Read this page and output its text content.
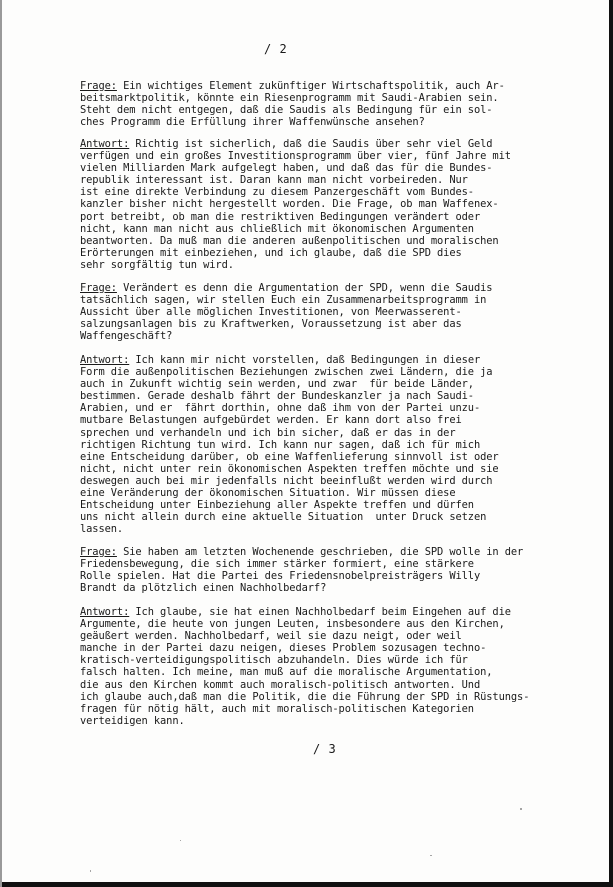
/ 2
Frage: Ein wichtiges Element zukünftiger Wirtschaftspolitik, auch Ar-
beitsmarktpolitik, könnte ein Riesenprogramm mit Saudi-Arabien sein.
Steht dem nicht entgegen, daß die Saudis als Bedingung für ein sol-
ches Programm die Erfüllung ihrer Waffenwünsche ansehen?
Antwort: Richtig ist sicherlich, daß die Saudis über sehr viel Geld
verfügen und ein großes Investitionsprogramm über vier, fünf Jahre mit
vielen Milliarden Mark aufgelegt haben, und daß das für die Bundes-
republik interessant ist. Daran kann man nicht vorbeireden. Nur
ist eine direkte Verbindung zu diesem Panzergeschäft vom Bundes-
kanzler bisher nicht hergestellt worden. Die Frage, ob man Waffenex-
port betreibt, ob man die restriktiven Bedingungen verändert oder
nicht, kann man nicht aus chließlich mit ökonomischen Argumenten
beantworten. Da muß man die anderen außenpolitischen und moralischen
Erörterungen mit einbeziehen, und ich glaube, daß die SPD dies
sehr sorgfältig tun wird.
Frage: Verändert es denn die Argumentation der SPD, wenn die Saudis
tatsächlich sagen, wir stellen Euch ein Zusammenarbeitsprogramm in
Aussicht über alle möglichen Investitionen, von Meerwasserent-
salzungsanlagen bis zu Kraftwerken, Voraussetzung ist aber das
Waffengeschäft?
Antwort: Ich kann mir nicht vorstellen, daß Bedingungen in dieser
Form die außenpolitischen Beziehungen zwischen zwei Ländern, die ja
auch in Zukunft wichtig sein werden, und zwar  für beide Länder,
bestimmen. Gerade deshalb fährt der Bundeskanzler ja nach Saudi-
Arabien, und er  fährt dorthin, ohne daß ihm von der Partei unzu-
mutbare Belastungen aufgebürdet werden. Er kann dort also frei
sprechen und verhandeln und ich bin sicher, daß er das in der
richtigen Richtung tun wird. Ich kann nur sagen, daß ich für mich
eine Entscheidung darüber, ob eine Waffenlieferung sinnvoll ist oder
nicht, nicht unter rein ökonomischen Aspekten treffen möchte und sie
deswegen auch bei mir jedenfalls nicht beeinflußt werden wird durch
eine Veränderung der ökonomischen Situation. Wir müssen diese
Entscheidung unter Einbeziehung aller Aspekte treffen und dürfen
uns nicht allein durch eine aktuelle Situation  unter Druck setzen
lassen.
Frage: Sie haben am letzten Wochenende geschrieben, die SPD wolle in der
Friedensbewegung, die sich immer stärker formiert, eine stärkere
Rolle spielen. Hat die Partei des Friedensnobelpreisträgers Willy
Brandt da plötzlich einen Nachholbedarf?
Antwort: Ich glaube, sie hat einen Nachholbedarf beim Eingehen auf die
Argumente, die heute von jungen Leuten, insbesondere aus den Kirchen,
geäußert werden. Nachholbedarf, weil sie dazu neigt, oder weil
manche in der Partei dazu neigen, dieses Problem sozusagen techno-
kratisch-verteidigungspolitisch abzuhandeln. Dies würde ich für
falsch halten. Ich meine, man muß auf die moralische Argumentation,
die aus den Kirchen kommt auch moralisch-politisch antworten. Und
ich glaube auch,daß man die Politik, die die Führung der SPD in Rüstungs-
fragen für nötig hält, auch mit moralisch-politischen Kategorien
verteidigen kann.
/ 3
